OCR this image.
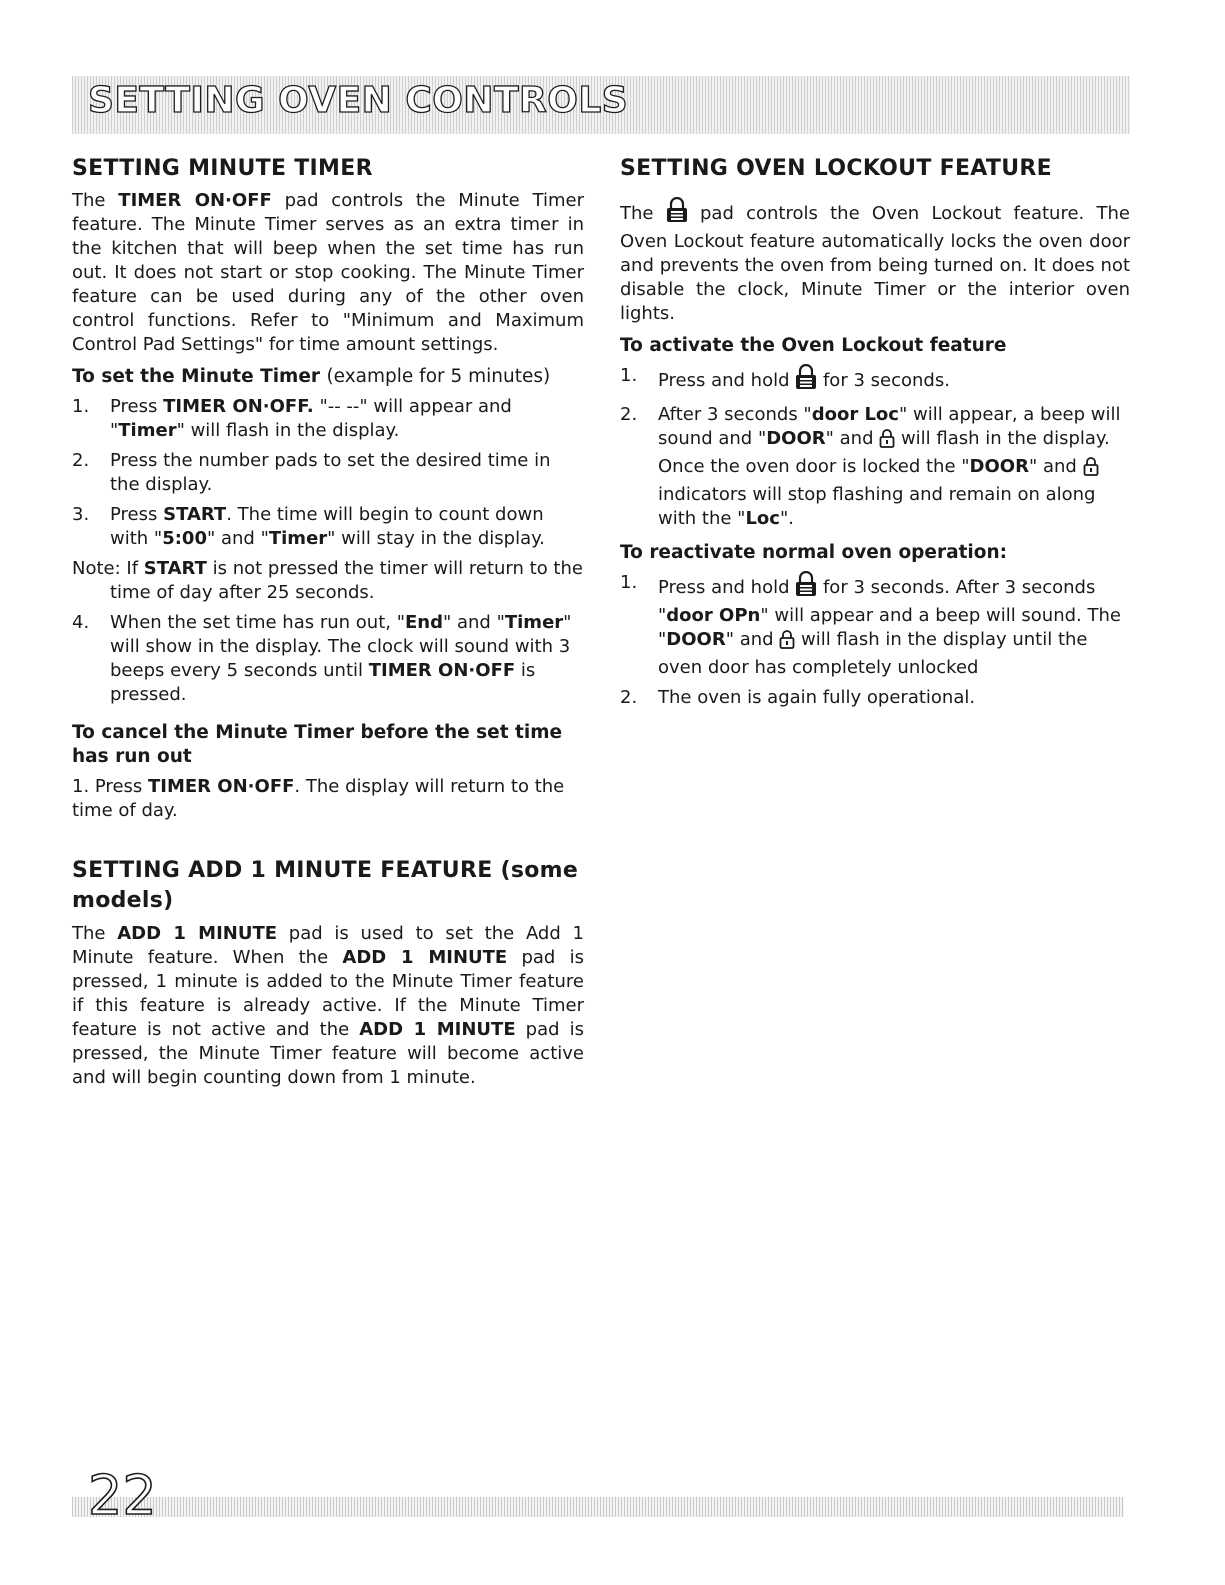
SETTING OVEN CONTROLS
SETTING MINUTE TIMER

The TIMER ON·OFF pad controls the Minute Timer feature. The Minute Timer serves as an extra timer in the kitchen that will beep when the set time has run out. It does not start or stop cooking. The Minute Timer feature can be used during any of the other oven control functions. Refer to "Minimum and Maximum Control Pad Settings" for time amount settings.

To set the Minute Timer (example for 5 minutes)
1. Press TIMER ON·OFF. "-- --" will appear and "Timer" will flash in the display.
2. Press the number pads to set the desired time in the display.
3. Press START. The time will begin to count down with "5:00" and "Timer" will stay in the display.
Note: If START is not pressed the timer will return to the time of day after 25 seconds.
4. When the set time has run out, "End" and "Timer" will show in the display. The clock will sound with 3 beeps every 5 seconds until TIMER ON·OFF is pressed.
To cancel the Minute Timer before the set time has run out

1. Press TIMER ON·OFF. The display will return to the time of day.

SETTING ADD 1 MINUTE FEATURE (some models)

The ADD 1 MINUTE pad is used to set the Add 1 Minute feature. When the ADD 1 MINUTE pad is pressed, 1 minute is added to the Minute Timer feature if this feature is already active. If the Minute Timer feature is not active and the ADD 1 MINUTE pad is pressed, the Minute Timer feature will become active and will begin counting down from 1 minute.

SETTING OVEN LOCKOUT FEATURE

The	pad controls the Oven Lockout feature. The Oven Lockout feature automatically locks the oven door and prevents the oven from being turned on. It does not disable the clock, Minute Timer or the interior oven lights.

To activate the Oven Lockout feature
1. Press and hold  for 3 seconds.
2. After 3 seconds "door Loc" will appear, a beep will sound and "DOOR" and  will flash in the display. Once the oven door is locked the "DOOR" and  indicators will stop flashing and remain on along with the "Loc".
To reactivate normal oven operation:
1. Press and hold  for 3 seconds. After 3 seconds "door OPn" will appear and a beep will sound. The "DOOR" and  will flash in the display until the oven door has completely unlocked
2. The oven is again fully operational.
22
